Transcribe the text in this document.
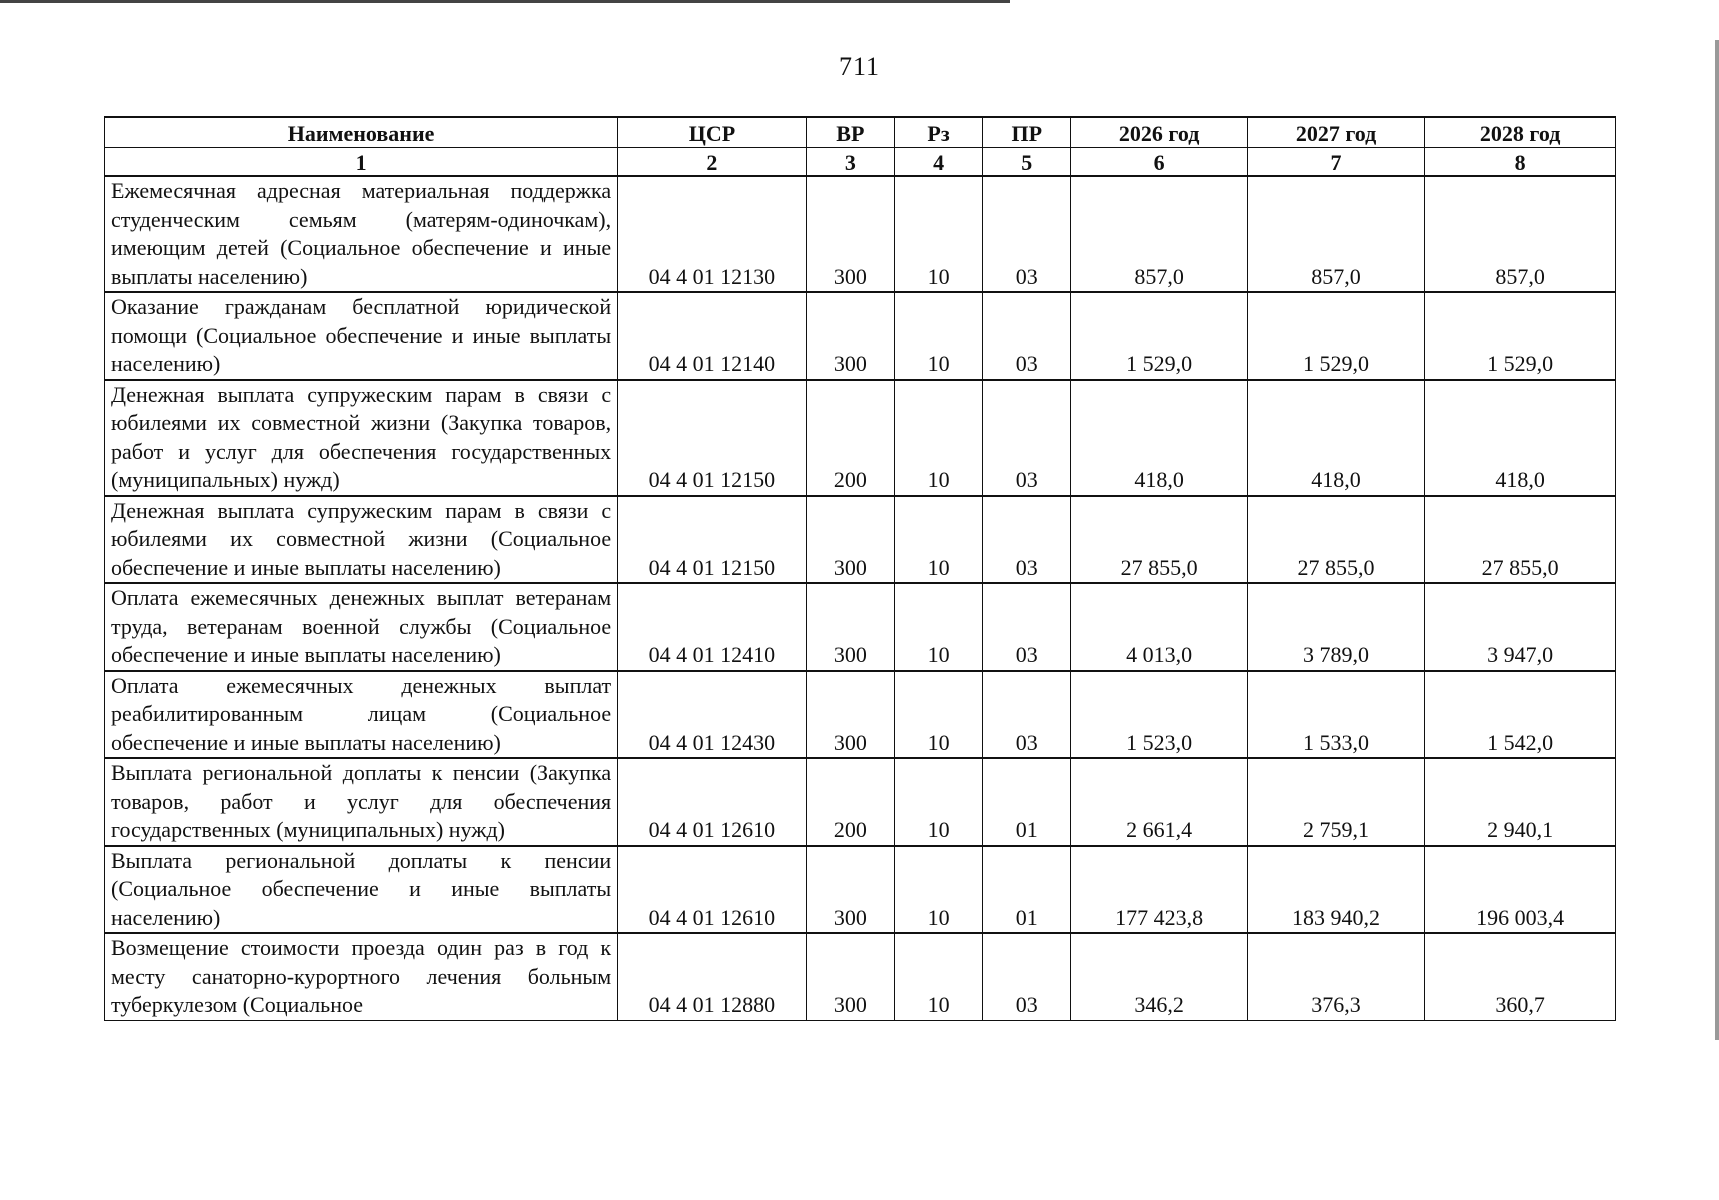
711
Наименование	ЦСР	ВР	Рз	ПР	2026 год	2027 год	2028 год
1	2	3	4	5	6	7	8
Ежемесячная адресная материальная поддержка студенческим семьям (матерям-одиночкам), имеющим детей (Социальное обеспечение и иные выплаты населению)	04 4 01 12130	300	10	03	857,0	857,0	857,0
Оказание гражданам бесплатной юридической помощи (Социальное обеспечение и иные выплаты населению)	04 4 01 12140	300	10	03	1 529,0	1 529,0	1 529,0
Денежная выплата супружеским парам в связи с юбилеями их совместной жизни (Закупка товаров, работ и услуг для обеспечения государственных (муниципальных) нужд)	04 4 01 12150	200	10	03	418,0	418,0	418,0
Денежная выплата супружеским парам в связи с юбилеями их совместной жизни (Социальное обеспечение и иные выплаты населению)	04 4 01 12150	300	10	03	27 855,0	27 855,0	27 855,0
Оплата ежемесячных денежных выплат ветеранам труда, ветеранам военной службы (Социальное обеспечение и иные выплаты населению)	04 4 01 12410	300	10	03	4 013,0	3 789,0	3 947,0
Оплата ежемесячных денежных выплат реабилитированным лицам (Социальное обеспечение и иные выплаты населению)	04 4 01 12430	300	10	03	1 523,0	1 533,0	1 542,0
Выплата региональной доплаты к пенсии (Закупка товаров, работ и услуг для обеспечения государственных (муниципальных) нужд)	04 4 01 12610	200	10	01	2 661,4	2 759,1	2 940,1
Выплата региональной доплаты к пенсии (Социальное обеспечение и иные выплаты населению)	04 4 01 12610	300	10	01	177 423,8	183 940,2	196 003,4
Возмещение стоимости проезда один раз в год к месту санаторно-курортного лечения больным туберкулезом (Социальное	04 4 01 12880	300	10	03	346,2	376,3	360,7
